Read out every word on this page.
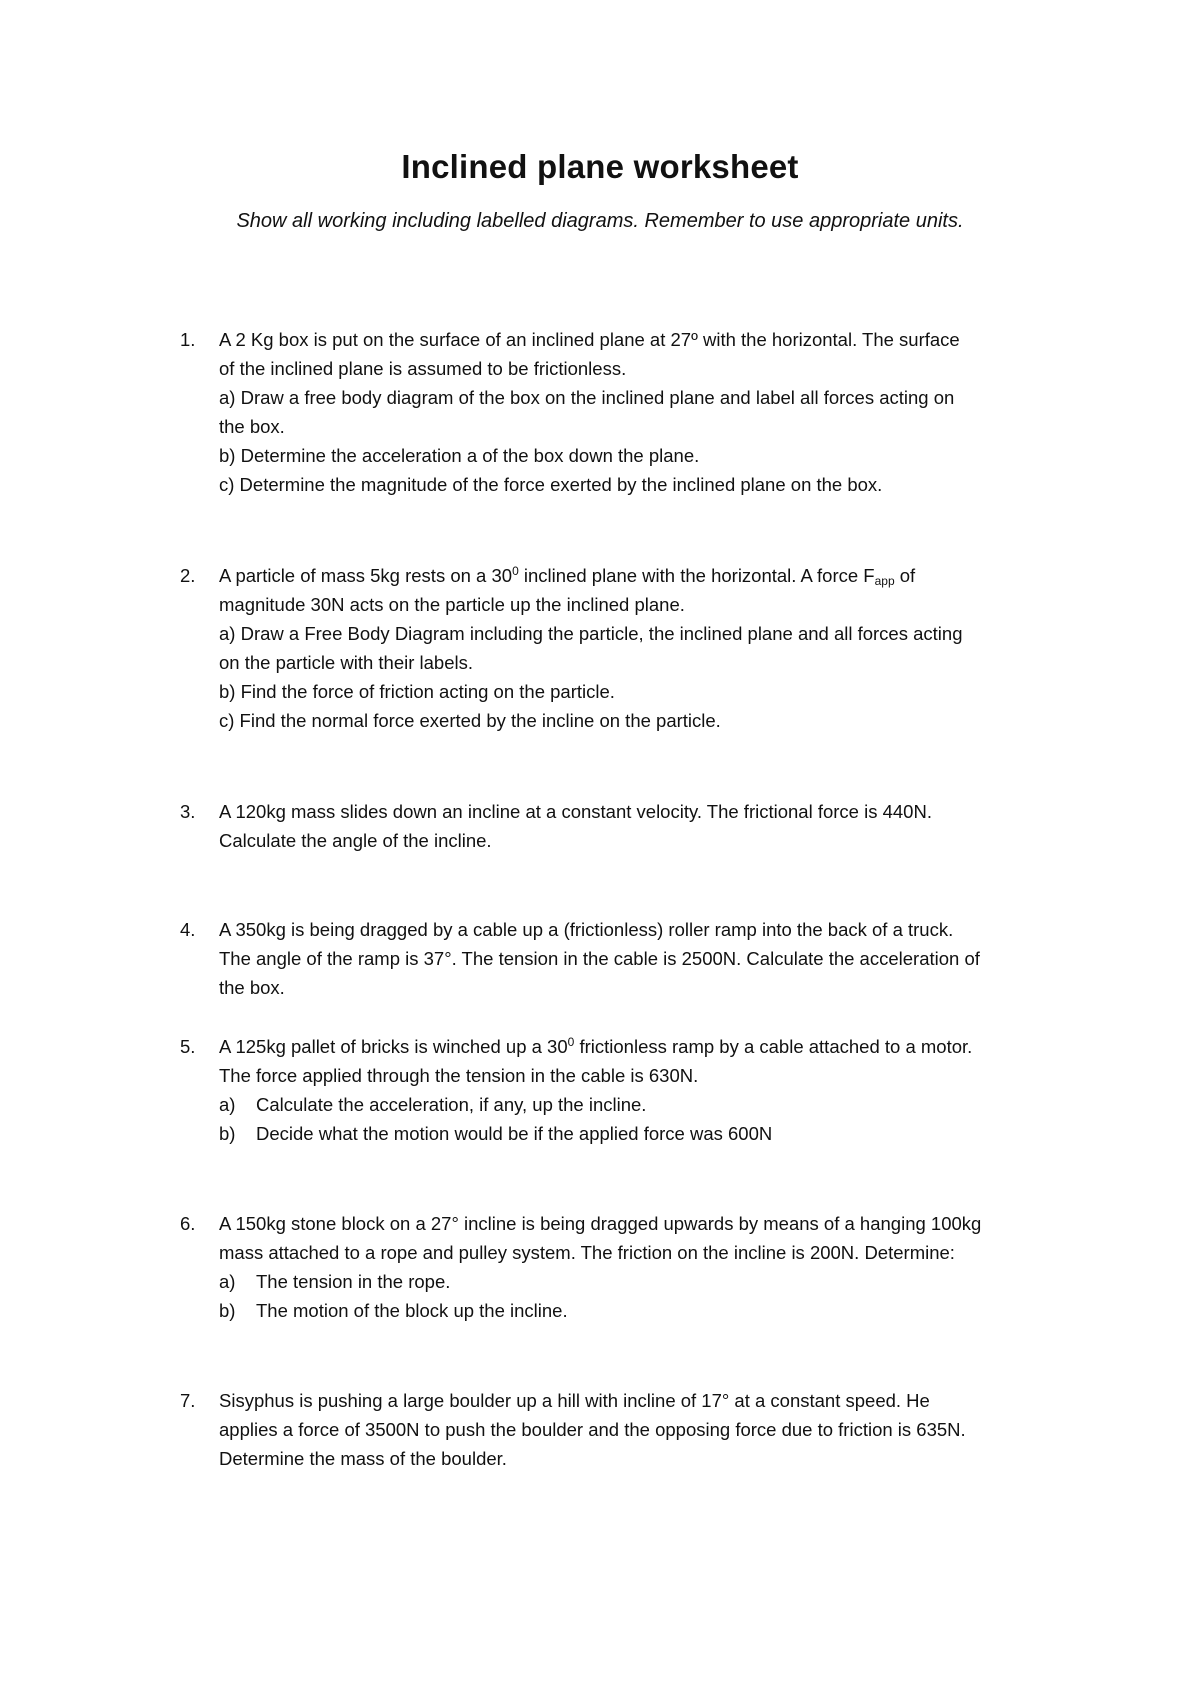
Inclined plane worksheet
Show all working including labelled diagrams. Remember to use appropriate units.
1. A 2 Kg box is put on the surface of an inclined plane at 27º with the horizontal. The surface
of the inclined plane is assumed to be frictionless.
a) Draw a free body diagram of the box on the inclined plane and label all forces acting on
the box.
b) Determine the acceleration a of the box down the plane.
c) Determine the magnitude of the force exerted by the inclined plane on the box.
2. A particle of mass 5kg rests on a $30^0$ inclined plane with the horizontal. A force Fapp of
magnitude 30N acts on the particle up the inclined plane.
a) Draw a Free Body Diagram including the particle, the inclined plane and all forces acting
on the particle with their labels.
b) Find the force of friction acting on the particle.
c) Find the normal force exerted by the incline on the particle.
3. A 120kg mass slides down an incline at a constant velocity. The frictional force is 440N.
Calculate the angle of the incline.
4. A 350kg is being dragged by a cable up a (frictionless) roller ramp into the back of a truck.
The angle of the ramp is 37°. The tension in the cable is 2500N. Calculate the acceleration of
the box.
5. A 125kg pallet of bricks is winched up a $30^0$ frictionless ramp by a cable attached to a motor.
The force applied through the tension in the cable is 630N.
a)	Calculate the acceleration, if any, up the incline.
b)	Decide what the motion would be if the applied force was 600N
6. A 150kg stone block on a 27° incline is being dragged upwards by means of a hanging 100kg
mass attached to a rope and pulley system. The friction on the incline is 200N. Determine:
a)	The tension in the rope.
b)	The motion of the block up the incline.
7. Sisyphus is pushing a large boulder up a hill with incline of 17° at a constant speed. He
applies a force of 3500N to push the boulder and the opposing force due to friction is 635N.
Determine the mass of the boulder.
